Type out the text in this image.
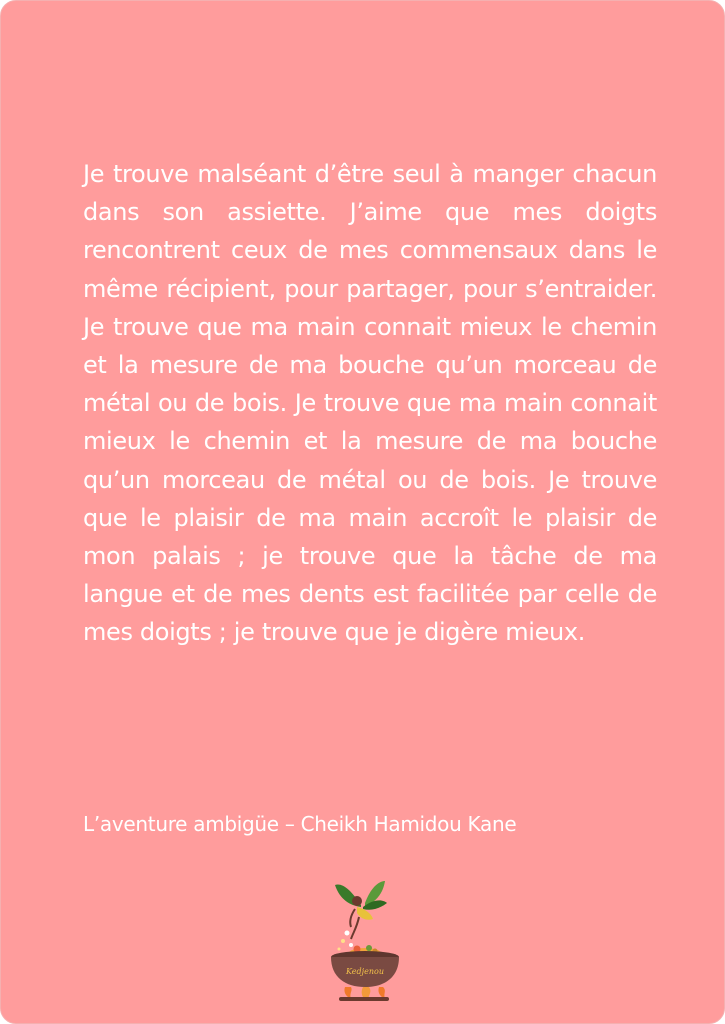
Je trouve malséant d’être seul à manger chacun dans son assiette. J’aime que mes doigts rencontrent ceux de mes commensaux dans le même récipient, pour partager, pour s’entraider. Je trouve que ma main connait mieux le chemin et la mesure de ma bouche qu’un morceau de métal ou de bois. Je trouve que ma main connait mieux le chemin et la mesure de ma bouche qu’un morceau de métal ou de bois. Je trouve que le plaisir de ma main accroît le plaisir de mon palais ; je trouve que la tâche de ma langue et de mes dents est facilitée par celle de mes doigts ; je trouve que je digère mieux.

L’aventure ambigüe – Cheikh Hamidou Kane

Kedjenou
